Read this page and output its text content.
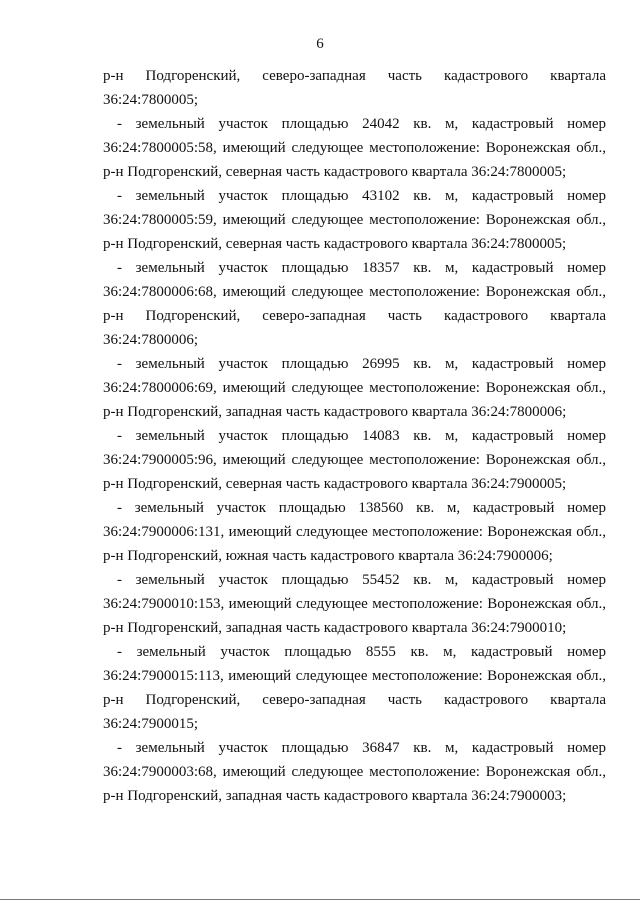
6
р-н Подгоренский, северо-западная часть кадастрового квартала
36:24:7800005;
- земельный участок площадью 24042 кв. м, кадастровый номер
36:24:7800005:58, имеющий следующее местоположение: Воронежская обл.,
р-н Подгоренский, северная часть кадастрового квартала 36:24:7800005;
- земельный участок площадью 43102 кв. м, кадастровый номер
36:24:7800005:59, имеющий следующее местоположение: Воронежская обл.,
р-н Подгоренский, северная часть кадастрового квартала 36:24:7800005;
- земельный участок площадью 18357 кв. м, кадастровый номер
36:24:7800006:68, имеющий следующее местоположение: Воронежская обл.,
р-н Подгоренский, северо-западная часть кадастрового квартала
36:24:7800006;
- земельный участок площадью 26995 кв. м, кадастровый номер
36:24:7800006:69, имеющий следующее местоположение: Воронежская обл.,
р-н Подгоренский, западная часть кадастрового квартала 36:24:7800006;
- земельный участок площадью 14083 кв. м, кадастровый номер
36:24:7900005:96, имеющий следующее местоположение: Воронежская обл.,
р-н Подгоренский, северная часть кадастрового квартала 36:24:7900005;
- земельный участок площадью 138560 кв. м, кадастровый номер
36:24:7900006:131, имеющий следующее местоположение: Воронежская обл.,
р-н Подгоренский, южная часть кадастрового квартала 36:24:7900006;
- земельный участок площадью 55452 кв. м, кадастровый номер
36:24:7900010:153, имеющий следующее местоположение: Воронежская обл.,
р-н Подгоренский, западная часть кадастрового квартала 36:24:7900010;
- земельный участок площадью 8555 кв. м, кадастровый номер
36:24:7900015:113, имеющий следующее местоположение: Воронежская обл.,
р-н Подгоренский, северо-западная часть кадастрового квартала
36:24:7900015;
- земельный участок площадью 36847 кв. м, кадастровый номер
36:24:7900003:68, имеющий следующее местоположение: Воронежская обл.,
р-н Подгоренский, западная часть кадастрового квартала 36:24:7900003;
